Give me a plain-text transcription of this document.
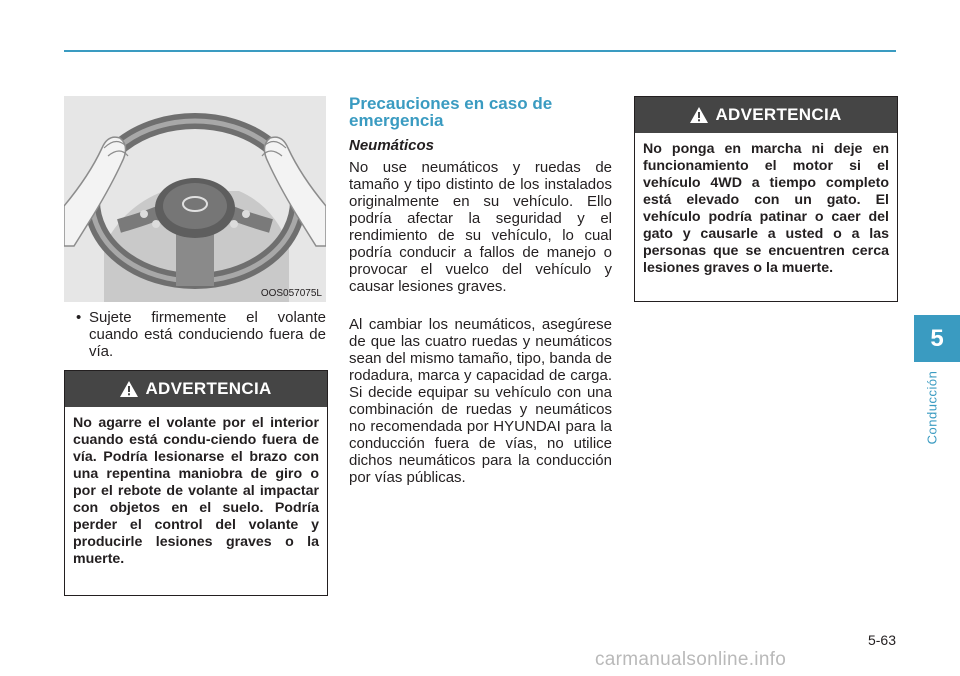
5
Conducción
OOS057075L
• Sujete firmemente el volante cuando está conduciendo fuera de vía.
ADVERTENCIA
No agarre el volante por el interior cuando está condu-ciendo fuera de vía. Podría lesionarse el brazo con una repentina maniobra de giro o por el rebote de volante al impactar con objetos en el suelo. Podría perder el control del volante y producirle lesiones graves o la muerte.
Precauciones en caso de emergencia
Neumáticos
No use neumáticos y ruedas de tamaño y tipo distinto de los instalados originalmente en su vehículo. Ello podría afectar la seguridad y el rendimiento de su vehículo, lo cual podría conducir a fallos de manejo o provocar el vuelco del vehículo y causar lesiones graves.
Al cambiar los neumáticos, asegúrese de que las cuatro ruedas y neumáticos sean del mismo tamaño, tipo, banda de rodadura, marca y capacidad de carga. Si decide equipar su vehículo con una combinación de ruedas y neumáticos no recomendada por HYUNDAI para la conducción fuera de vías, no utilice dichos neumáticos para la conducción por vías públicas.
ADVERTENCIA
No ponga en marcha ni deje en funcionamiento el motor si el vehículo 4WD a tiempo completo está elevado con un gato. El vehículo podría patinar o caer del gato y causarle a usted o a las personas que se encuentren cerca lesiones graves o la muerte.
5-63
carmanualsonline.info
